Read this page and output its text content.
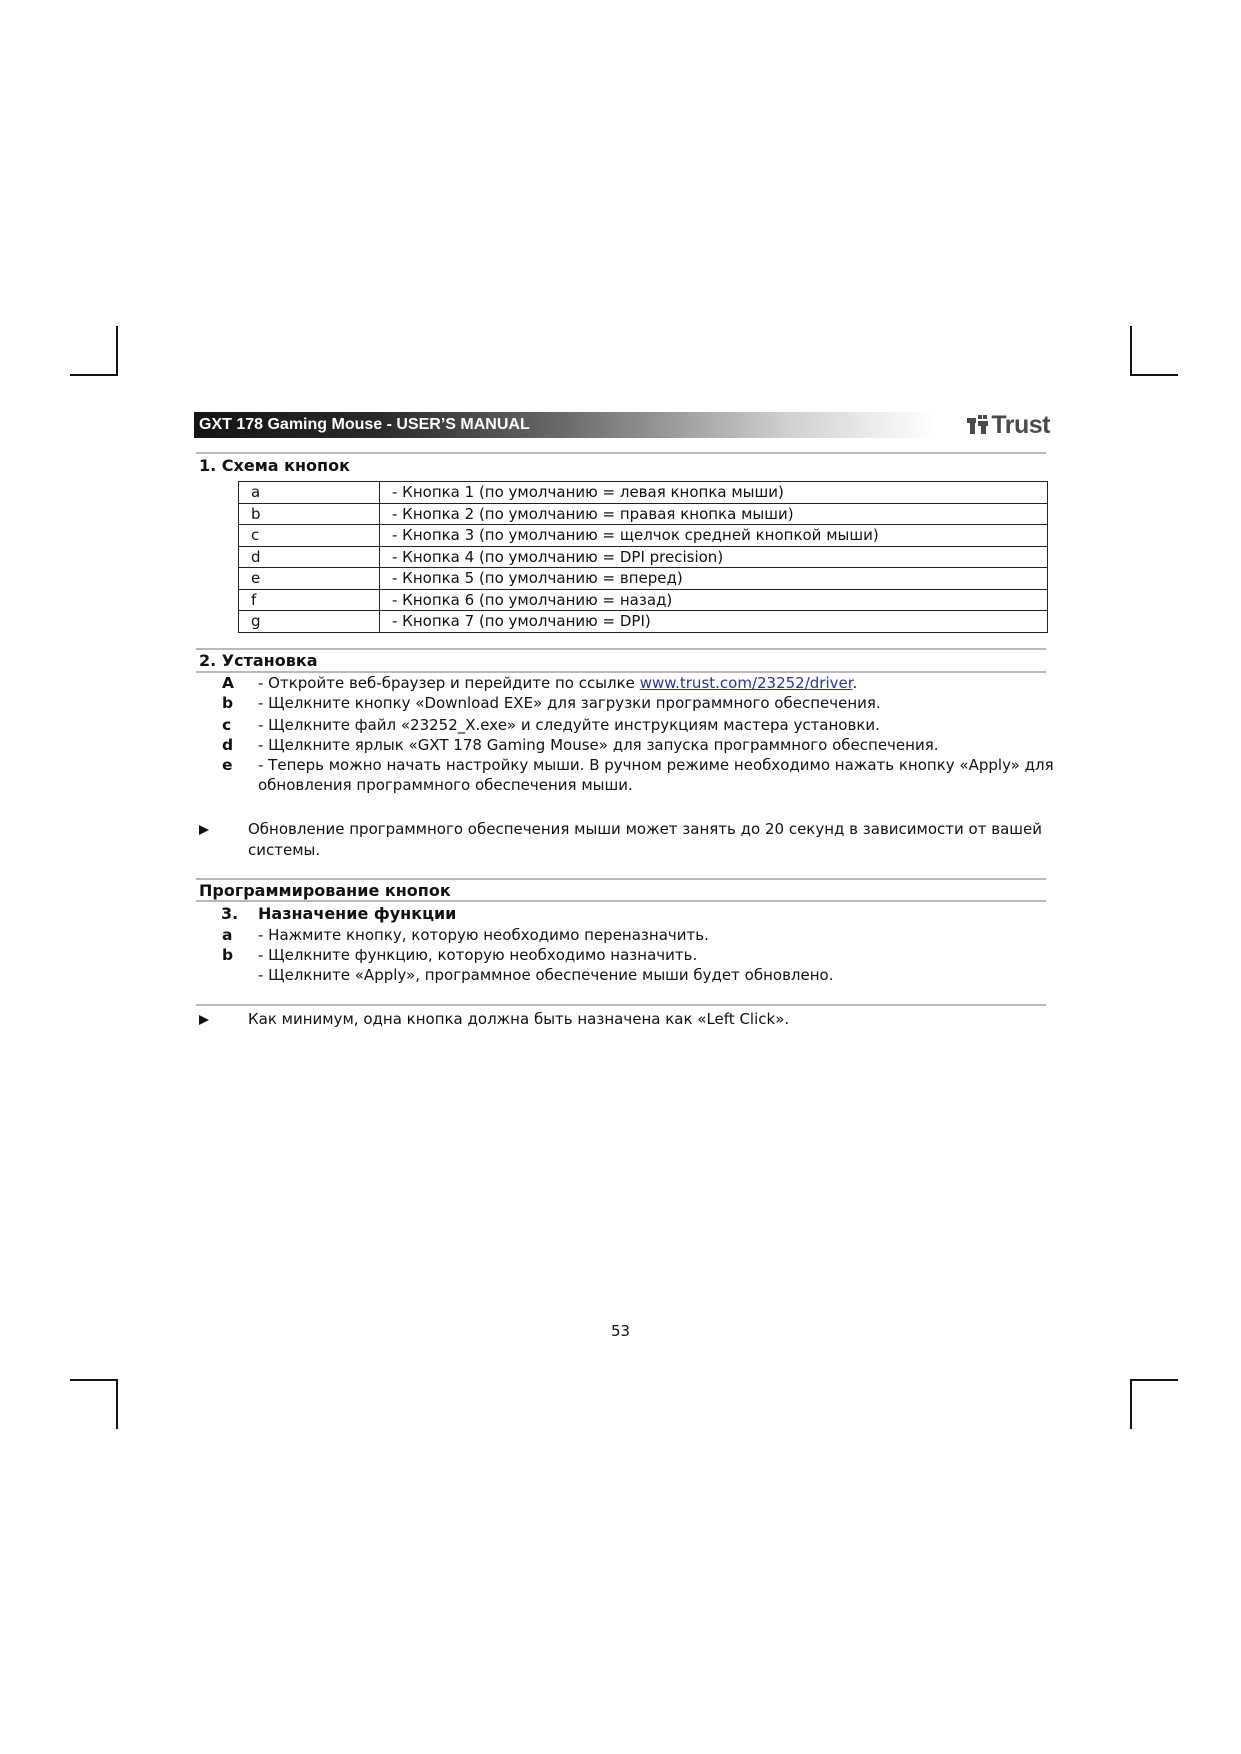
GXT 178 Gaming Mouse - USER’S MANUAL	Trust
1. Схема кнопок
a	- Кнопка 1 (по умолчанию = левая кнопка мыши)
b	- Кнопка 2 (по умолчанию = правая кнопка мыши)
c	- Кнопка 3 (по умолчанию = щелчок средней кнопкой мыши)
d	- Кнопка 4 (по умолчанию = DPI precision)
e	- Кнопка 5 (по умолчанию = вперед)
f	- Кнопка 6 (по умолчанию = назад)
g	- Кнопка 7 (по умолчанию = DPI)
2. Установка
A - Откройте веб-браузер и перейдите по ссылке www.trust.com/23252/driver.
b - Щелкните кнопку «Download EXE» для загрузки программного обеспечения.
c - Щелкните файл «23252_X.exe» и следуйте инструкциям мастера установки.
d - Щелкните ярлык «GXT 178 Gaming Mouse» для запуска программного обеспечения.
e - Теперь можно начать настройку мыши. В ручном режиме необходимо нажать кнопку «Apply» для
обновления программного обеспечения мыши.
Обновление программного обеспечения мыши может занять до 20 секунд в зависимости от вашей
системы.
Программирование кнопок
3. Назначение функции
a - Нажмите кнопку, которую необходимо переназначить.
b - Щелкните функцию, которую необходимо назначить.
- Щелкните «Apply», программное обеспечение мыши будет обновлено.
Как минимум, одна кнопка должна быть назначена как «Left Click».
53
